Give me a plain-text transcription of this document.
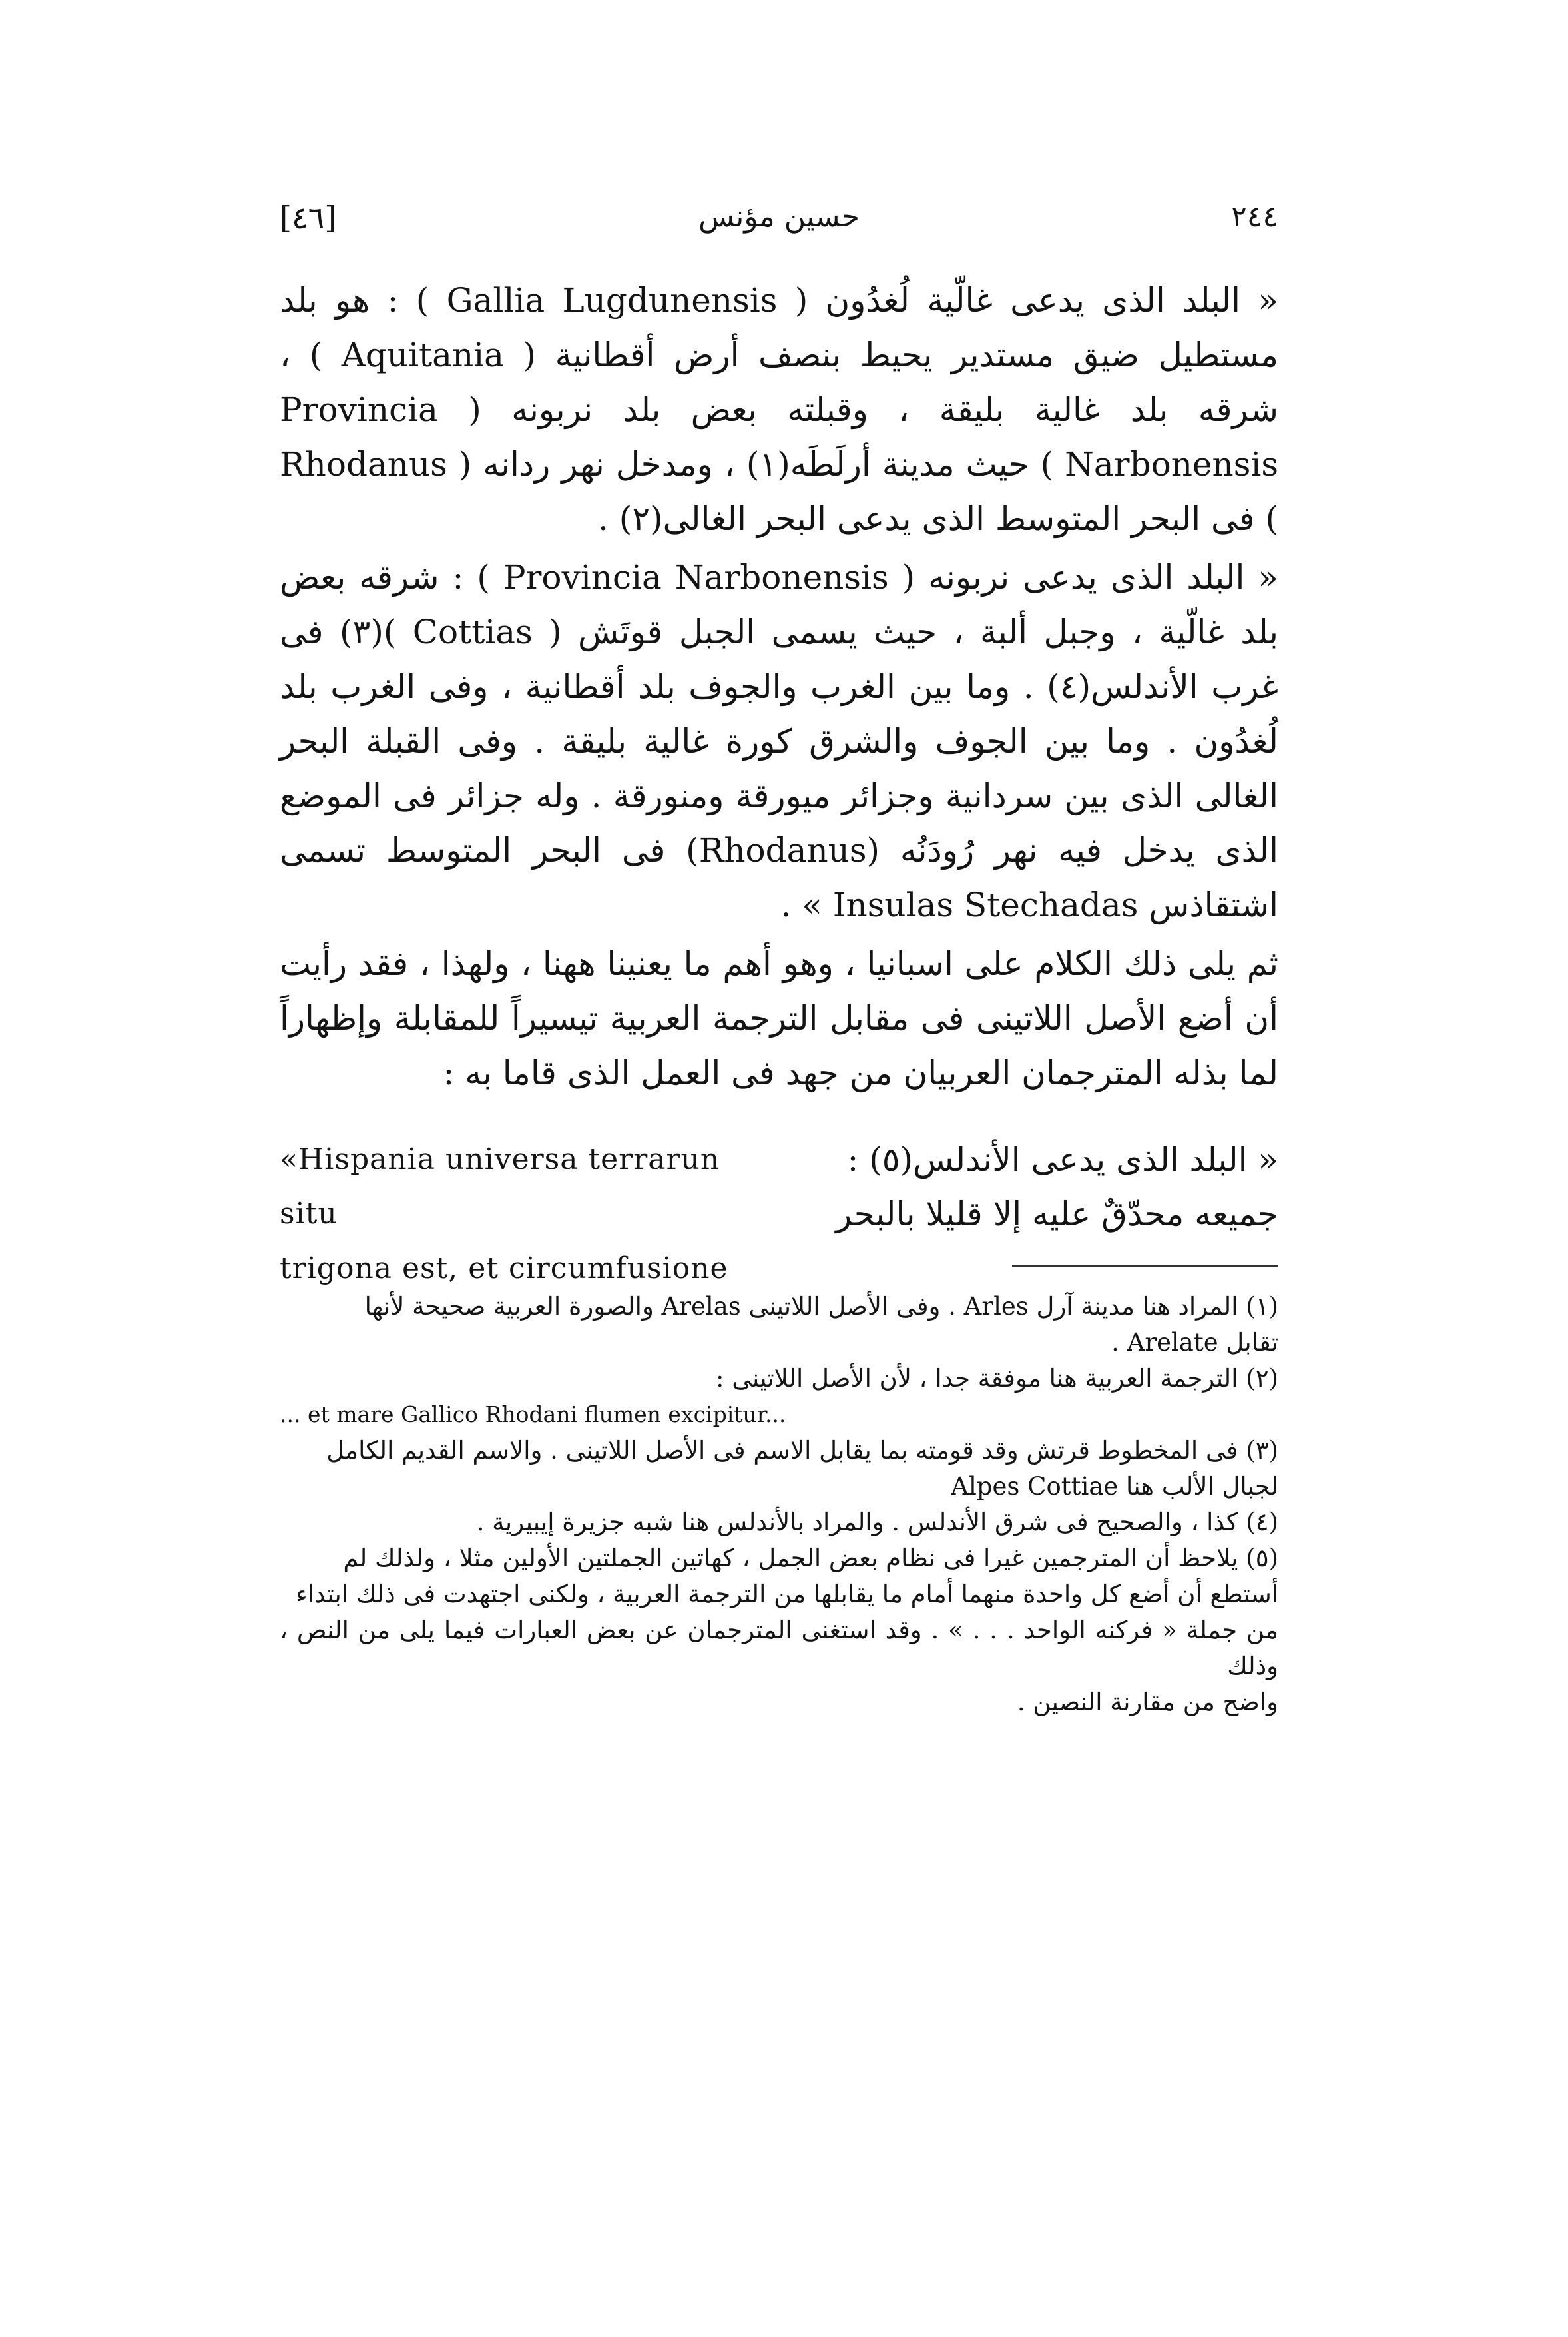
[٤٦]	حسين مؤنس	٢٤٤

« البلد الذى يدعى غالّية لُغدُون ( Gallia Lugdunensis ) : هو بلد مستطيل ضيق مستدير يحيط بنصف أرض أقطانية ( Aquitania ) ، شرقه بلد غالية بليقة ، وقبلته بعض بلد نربونه ( Provincia Narbonensis ) حيث مدينة أرلَطَه(١) ، ومدخل نهر ردانه ( Rhodanus ) فى البحر المتوسط الذى يدعى البحر الغالى(٢) .

« البلد الذى يدعى نربونه ( Provincia Narbonensis ) : شرقه بعض بلد غالّية ، وجبل ألبة ، حيث يسمى الجبل قوتَش ( Cottias )(٣) فى غرب الأندلس(٤) . وما بين الغرب والجوف بلد أقطانية ، وفى الغرب بلد لُغدُون . وما بين الجوف والشرق كورة غالية بليقة . وفى القبلة البحر الغالى الذى بين سردانية وجزائر ميورقة ومنورقة . وله جزائر فى الموضع الذى يدخل فيه نهر رُودَنُه (Rhodanus) فى البحر المتوسط تسمى اشتقاذس Insulas Stechadas » .

ثم يلى ذلك الكلام على اسبانيا ، وهو أهم ما يعنينا ههنا ، ولهذا ، فقد رأيت أن أضع الأصل اللاتينى فى مقابل الترجمة العربية تيسيراً للمقابلة وإظهاراً لما بذله المترجمان العربيان من جهد فى العمل الذى قاما به :

« البلد الذى يدعى الأندلس(٥) :
جميعه محدّقٌ عليه إلا قليلا بالبحر
«Hispania universa terrarun situ
trigona est, et circumfusione
(١) المراد هنا مدينة آرل Arles . وفى الأصل اللاتينى Arelas والصورة العربية صحيحة لأنها
تقابل Arelate .
(٢) الترجمة العربية هنا موفقة جدا ، لأن الأصل اللاتينى :
... et mare Gallico Rhodani flumen excipitur...
(٣) فى المخطوط قرتش وقد قومته بما يقابل الاسم فى الأصل اللاتينى . والاسم القديم الكامل
لجبال الألب هنا Alpes Cottiae
(٤) كذا ، والصحيح فى شرق الأندلس . والمراد بالأندلس هنا شبه جزيرة إيبيرية .
(٥) يلاحظ أن المترجمين غيرا فى نظام بعض الجمل ، كهاتين الجملتين الأولين مثلا ، ولذلك لم
أستطع أن أضع كل واحدة منهما أمام ما يقابلها من الترجمة العربية ، ولكنى اجتهدت فى ذلك ابتداء
من جملة « فركنه الواحد . . . » . وقد استغنى المترجمان عن بعض العبارات فيما يلى من النص ، وذلك
واضح من مقارنة النصين .
